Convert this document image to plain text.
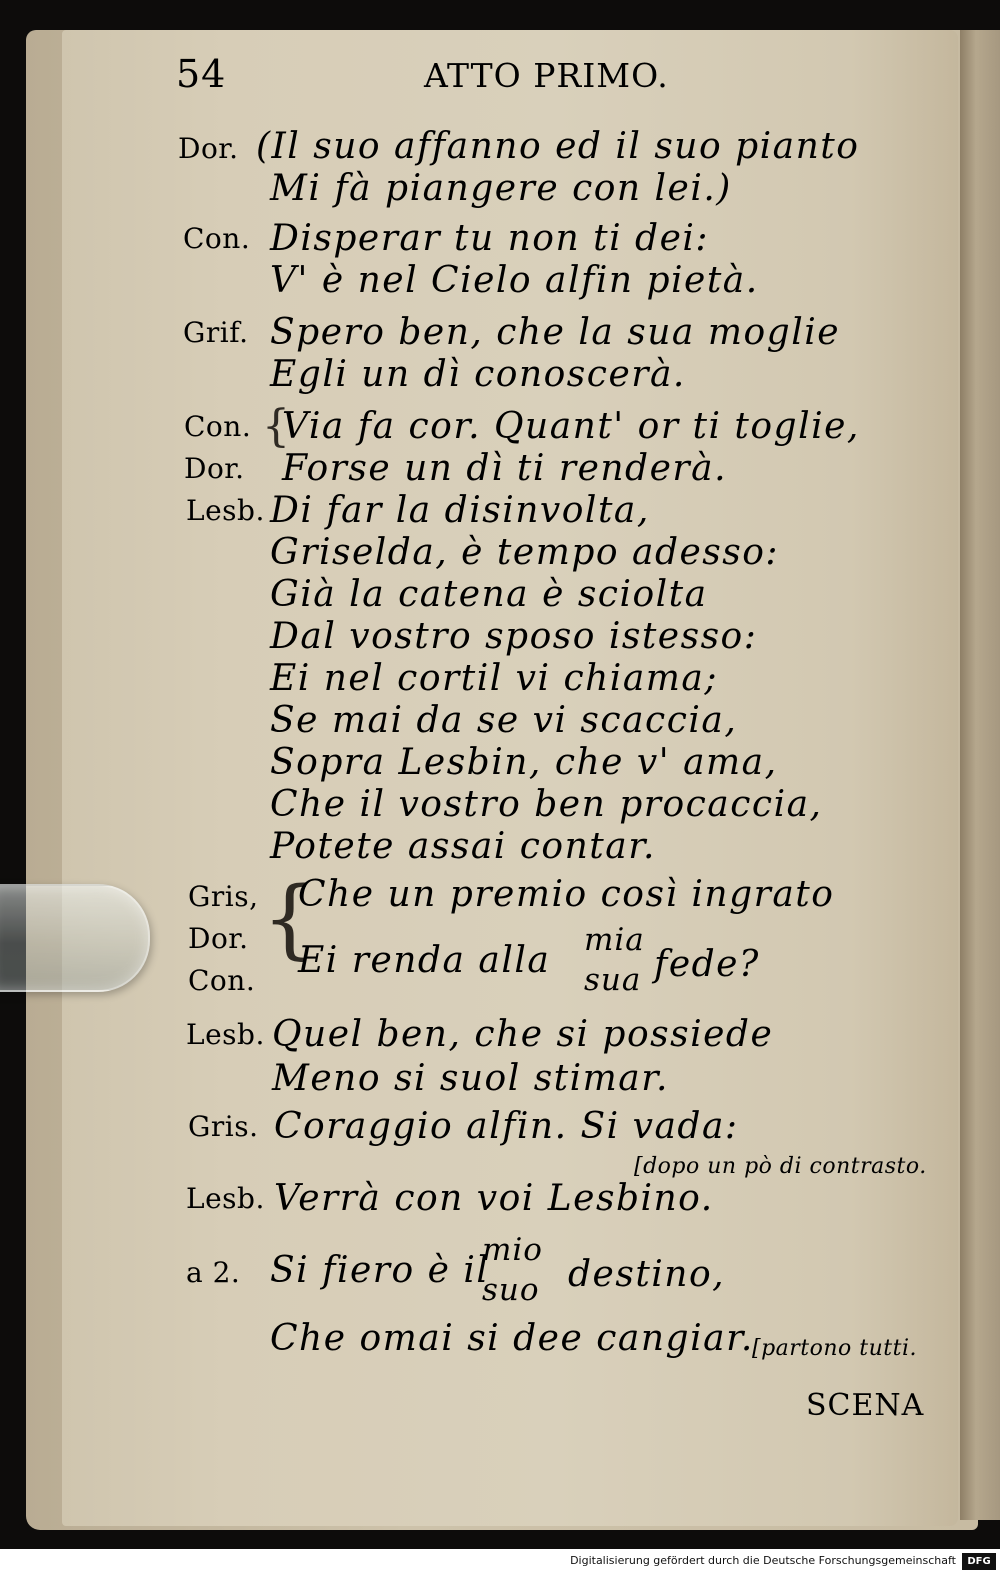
54	ATTO PRIMO.
Dor.
Con.
Grif.
Con.
Dor.
Lesb.
Gris,
Dor.
Con.
Lesb.
Gris.
Lesb.
a 2.
{
{
(Il suo affanno ed il suo pianto
Mi fà piangere con lei.)
Disperar tu non ti dei:
V' è nel Cielo alfin pietà.
Spero ben, che la sua moglie
Egli un dì conoscerà.
Via fa cor. Quant' or ti toglie,
Forse un dì ti renderà.
Di far la disinvolta,
Griselda, è tempo adesso:
Già la catena è sciolta
Dal vostro sposo istesso:
Ei nel cortil vi chiama;
Se mai da se vi scaccia,
Sopra Lesbin, che v' ama,
Che il vostro ben procaccia,
Potete assai contar.
Che un premio così ingrato
Ei renda alla mia
sua fede?
Quel ben, che si possiede
Meno si suol stimar.
Coraggio alfin. Si vada:
[dopo un pò di contrasto.
Verrà con voi Lesbino.
Si fiero è il
mio
suo destino,
Che omai si dee cangiar.
[partono tutti.
SCENA
Digitalisierung gefördert durch die Deutsche Forschungsgemeinschaft	DFG
